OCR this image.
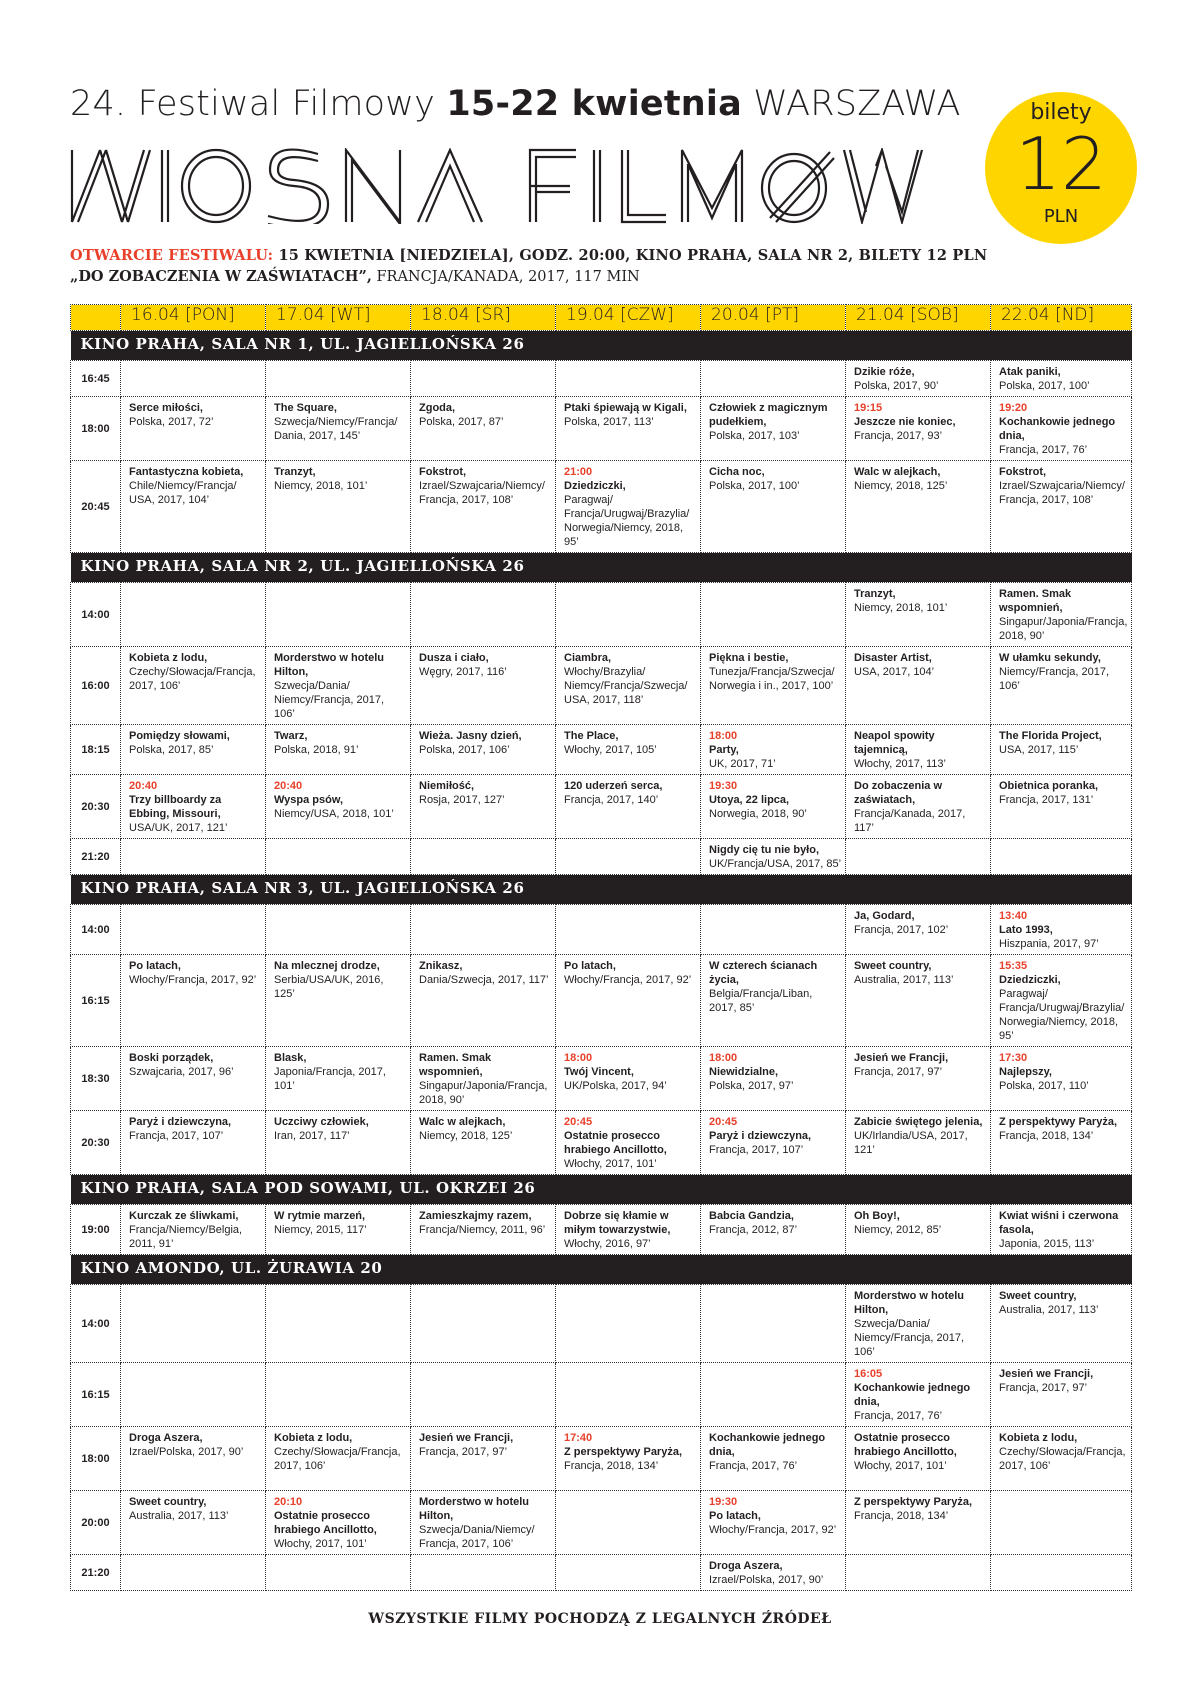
24. Festiwal Filmowy 15-22 kwietnia WARSZAWA	bilety
12
PLN
OTWARCIE FESTIWALU: 15 KWIETNIA [NIEDZIELA], GODZ. 20:00, KINO PRAHA, SALA NR 2, BILETY 12 PLN
„DO ZOBACZENIA W ZAŚWIATACH”, FRANCJA/KANADA, 2017, 117 MIN
	16.04 [PON]	17.04 [WT]	18.04 [ŚR]	19.04 [CZW]	20.04 [PT]	21.04 [SOB]	22.04 [ND]
KINO PRAHA, SALA NR 1, UL. JAGIELLOŃSKA 26							
16:45						Dzikie róże,
Polska, 2017, 90’	Atak paniki,
Polska, 2017, 100’

18:00	Serce miłości,
Polska, 2017, 72’	The Square,
Szwecja/Niemcy/Francja/ Dania, 2017, 145’	Zgoda,
Polska, 2017, 87’	Ptaki śpiewają w Kigali,
Polska, 2017, 113’	Człowiek z magicznym pudełkiem,
Polska, 2017, 103’	19:15
Jeszcze nie koniec,
Francja, 2017, 93’	19:20
Kochankowie jednego dnia,
Francja, 2017, 76’

20:45	Fantastyczna kobieta,
Chile/Niemcy/Francja/ USA, 2017, 104’	Tranzyt,
Niemcy, 2018, 101’	Fokstrot,
Izrael/Szwajcaria/Niemcy/ Francja, 2017, 108’	21:00
Dziedziczki,
Paragwaj/ Francja/Urugwaj/Brazylia/ Norwegia/Niemcy, 2018, 95’	Cicha noc,
Polska, 2017, 100’	Walc w alejkach,
Niemcy, 2018, 125’	Fokstrot,
Izrael/Szwajcaria/Niemcy/ Francja, 2017, 108’

KINO PRAHA, SALA NR 2, UL. JAGIELLOŃSKA 26							
14:00						Tranzyt,
Niemcy, 2018, 101’	Ramen. Smak wspomnień,
Singapur/Japonia/Francja, 2018, 90’

16:00	Kobieta z lodu,
Czechy/Słowacja/Francja, 2017, 106’	Morderstwo w hotelu Hilton,
Szwecja/Dania/ Niemcy/Francja, 2017, 106’	Dusza i ciało,
Węgry, 2017, 116’	Ciambra,
Włochy/Brazylia/ Niemcy/Francja/Szwecja/ USA, 2017, 118’	Piękna i bestie,
Tunezja/Francja/Szwecja/ Norwegia i in., 2017, 100’	Disaster Artist,
USA, 2017, 104’	W ułamku sekundy,
Niemcy/Francja, 2017, 106’

18:15	Pomiędzy słowami,
Polska, 2017, 85’	Twarz,
Polska, 2018, 91’	Wieża. Jasny dzień,
Polska, 2017, 106’	The Place,
Włochy, 2017, 105’	18:00
Party,
UK, 2017, 71’	Neapol spowity tajemnicą,
Włochy, 2017, 113’	The Florida Project,
USA, 2017, 115’

20:30	20:40
Trzy billboardy za Ebbing, Missouri,
USA/UK, 2017, 121’	20:40
Wyspa psów,
Niemcy/USA, 2018, 101’	Niemiłość,
Rosja, 2017, 127’	120 uderzeń serca,
Francja, 2017, 140’	19:30
Utoya, 22 lipca,
Norwegia, 2018, 90’	Do zobaczenia w zaświatach,
Francja/Kanada, 2017, 117’	Obietnica poranka,
Francja, 2017, 131’

21:20					Nigdy cię tu nie było,
UK/Francja/USA, 2017, 85’		

KINO PRAHA, SALA NR 3, UL. JAGIELLOŃSKA 26							
14:00						Ja, Godard,
Francja, 2017, 102’	13:40
Lato 1993,
Hiszpania, 2017, 97’

16:15	Po latach,
Włochy/Francja, 2017, 92’	Na mlecznej drodze,
Serbia/USA/UK, 2016, 125’	Znikasz,
Dania/Szwecja, 2017, 117’	Po latach,
Włochy/Francja, 2017, 92’	W czterech ścianach życia,
Belgia/Francja/Liban, 2017, 85’	Sweet country,
Australia, 2017, 113’	15:35
Dziedziczki,
Paragwaj/ Francja/Urugwaj/Brazylia/ Norwegia/Niemcy, 2018, 95’

18:30	Boski porządek,
Szwajcaria, 2017, 96’	Blask,
Japonia/Francja, 2017, 101’	Ramen. Smak wspomnień,
Singapur/Japonia/Francja, 2018, 90’	18:00
Twój Vincent,
UK/Polska, 2017, 94’	18:00
Niewidzialne,
Polska, 2017, 97’	Jesień we Francji,
Francja, 2017, 97’	17:30
Najlepszy,
Polska, 2017, 110’

20:30	Paryż i dziewczyna,
Francja, 2017, 107’	Uczciwy człowiek,
Iran, 2017, 117’	Walc w alejkach,
Niemcy, 2018, 125’	20:45
Ostatnie prosecco hrabiego Ancillotto,
Włochy, 2017, 101’	20:45
Paryż i dziewczyna,
Francja, 2017, 107’	Zabicie świętego jelenia,
UK/Irlandia/USA, 2017, 121’	Z perspektywy Paryża,
Francja, 2018, 134’

KINO PRAHA, SALA POD SOWAMI, UL. OKRZEI 26							
19:00	Kurczak ze śliwkami,
Francja/Niemcy/Belgia, 2011, 91’	W rytmie marzeń,
Niemcy, 2015, 117’	Zamieszkajmy razem,
Francja/Niemcy, 2011, 96’	Dobrze się kłamie w miłym towarzystwie,
Włochy, 2016, 97’	Babcia Gandzia,
Francja, 2012, 87’	Oh Boy!,
Niemcy, 2012, 85’	Kwiat wiśni i czerwona fasola,
Japonia, 2015, 113’

KINO AMONDO, UL. ŻURAWIA 20							
14:00						Morderstwo w hotelu Hilton,
Szwecja/Dania/ Niemcy/Francja, 2017, 106’	Sweet country,
Australia, 2017, 113’

16:15						16:05
Kochankowie jednego dnia,
Francja, 2017, 76’	Jesień we Francji,
Francja, 2017, 97’

18:00	Droga Aszera,
Izrael/Polska, 2017, 90’	Kobieta z lodu,
Czechy/Słowacja/Francja, 2017, 106’	Jesień we Francji,
Francja, 2017, 97’	17:40
Z perspektywy Paryża,
Francja, 2018, 134’	Kochankowie jednego dnia,
Francja, 2017, 76’	Ostatnie prosecco hrabiego Ancillotto,
Włochy, 2017, 101’	Kobieta z lodu,
Czechy/Słowacja/Francja, 2017, 106’

20:00	Sweet country,
Australia, 2017, 113’	20:10
Ostatnie prosecco hrabiego Ancillotto,
Włochy, 2017, 101’	Morderstwo w hotelu Hilton,
Szwecja/Dania/Niemcy/ Francja, 2017, 106’		19:30
Po latach,
Włochy/Francja, 2017, 92’	Z perspektywy Paryża,
Francja, 2018, 134’	

21:20					Droga Aszera,
Izrael/Polska, 2017, 90’		

WSZYSTKIE FILMY POCHODZĄ Z LEGALNYCH ŹRÓDEŁ
